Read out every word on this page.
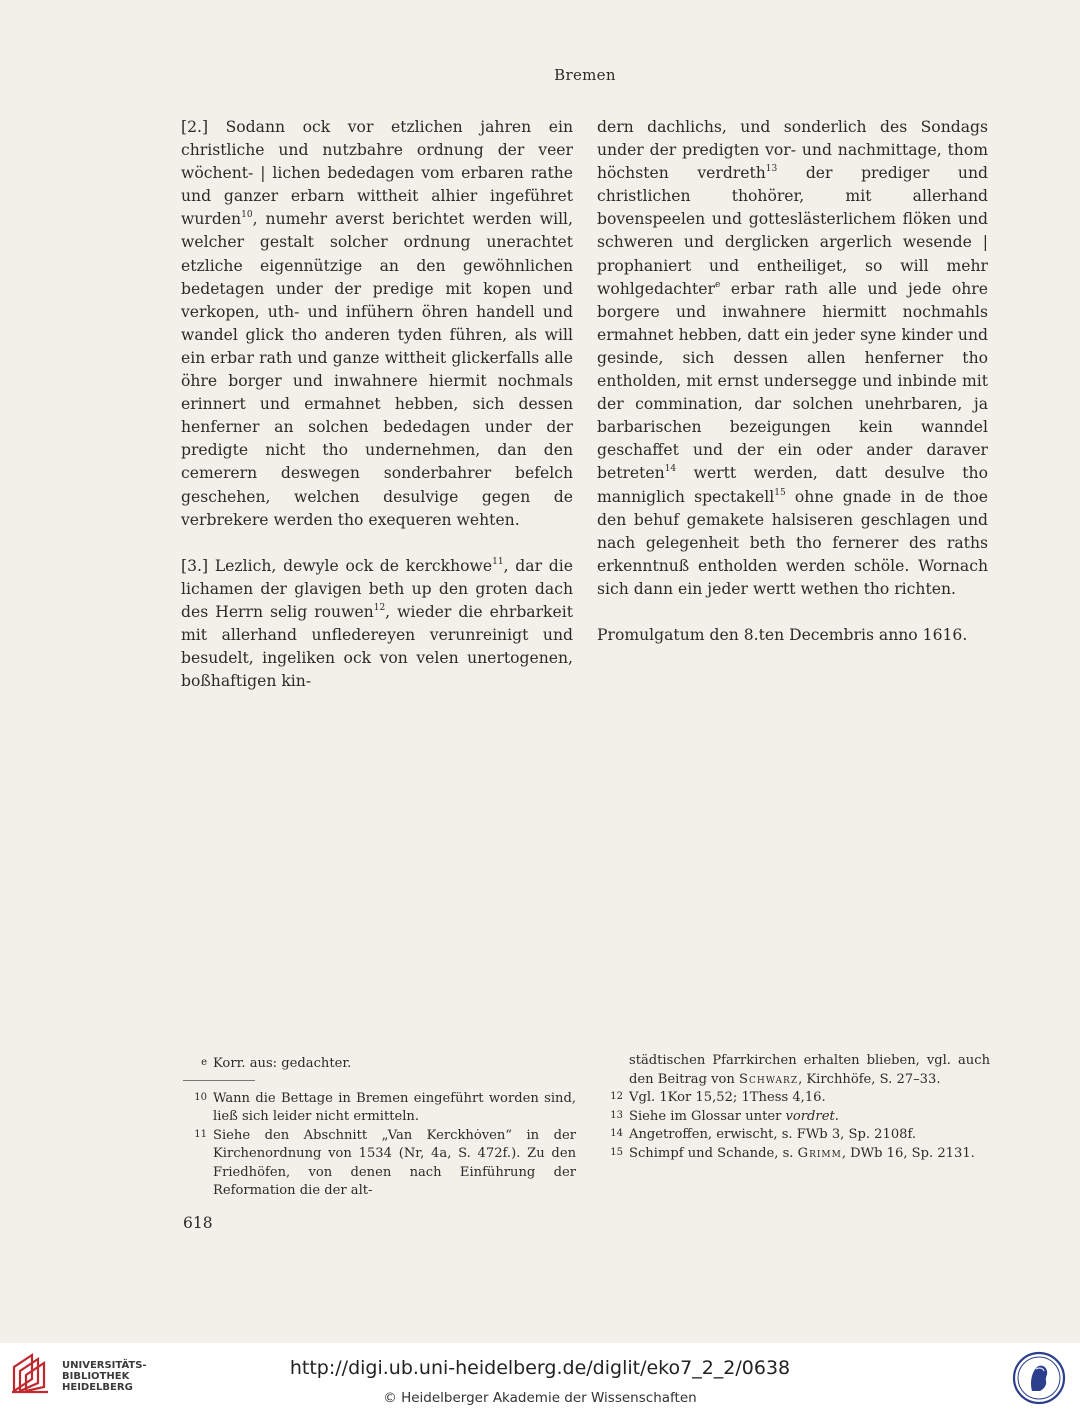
Bremen

[2.] Sodann ock vor etzlichen jahren ein christliche und nutzbahre ordnung der veer wöchent- | lichen bededagen vom erbaren rathe und ganzer erbarn wittheit alhier ingeführet wurden$^{10}$, numehr averst berichtet werden will, welcher gestalt solcher ordnung unerachtet etzliche eigennützige an den gewöhnlichen bedetagen under der predige mit kopen und verkopen, uth- und infühern öhren handell und wandel glick tho anderen tyden führen, als will ein erbar rath und ganze wittheit glickerfalls alle öhre borger und inwahnere hiermit nochmals erinnert und ermahnet hebben, sich dessen henferner an solchen bededagen under der predigte nicht tho undernehmen, dan den cemerern deswegen sonderbahrer befelch geschehen, welchen desulvige gegen de verbrekere werden tho exequeren wehten.

[3.] Lezlich, dewyle ock de kerckhowe$^{11}$, dar die lichamen der glavigen beth up den groten dach des Herrn selig rouwen$^{12}$, wieder die ehrbarkeit mit allerhand unfledereyen verunreinigt und besudelt, ingeliken ock von velen unertogenen, boßhaftigen kin-

dern dachlichs, und sonderlich des Sondags under der predigten vor- und nachmittage, thom höchsten verdreth$^{13}$ der prediger und christlichen thohörer, mit allerhand bovenspeelen und gotteslästerlichem flöken und schweren und derglicken argerlich wesende | prophaniert und entheiliget, so will mehr wohlgedachter$^e$ erbar rath alle und jede ohre borgere und inwahnere hiermitt nochmahls ermahnet hebben, datt ein jeder syne kinder und gesinde, sich dessen allen henferner tho entholden, mit ernst undersegge und inbinde mit der commination, dar solchen unehrbaren, ja barbarischen bezeigungen kein wanndel geschaffet und der ein oder ander daraver betreten$^{14}$ wertt werden, datt desulve tho manniglich spectakell$^{15}$ ohne gnade in de thoe den behuf gemakete halsiseren geschlagen und nach gelegenheit beth tho fernerer des raths erkenntnuß entholden werden schöle. Wornach sich dann ein jeder wertt wethen tho richten.

Promulgatum den 8.ten Decembris anno 1616.

e Korr. aus: gedachter.
10 Wann die Bettage in Bremen eingeführt worden sind, ließ sich leider nicht ermitteln.
11 Siehe den Abschnitt „Van Kerckhȯven“ in der Kirchenordnung von 1534 (Nr, 4a, S. 472f.). Zu den Friedhöfen, von denen nach Einführung der Reformation die der alt-
städtischen Pfarrkirchen erhalten blieben, vgl. auch den Beitrag von Schwarz, Kirchhöfe, S. 27–33.
12 Vgl. 1Kor 15,52; 1Thess 4,16.
13 Siehe im Glossar unter vordret.
14 Angetroffen, erwischt, s. FWb 3, Sp. 2108f.
15 Schimpf und Schande, s. Grimm, DWb 16, Sp. 2131.
618
UNIVERSITÄTS-
BIBLIOTHEK
HEIDELBERG
http://digi.ub.uni-heidelberg.de/diglit/eko7_2_2/0638
© Heidelberger Akademie der Wissenschaften
